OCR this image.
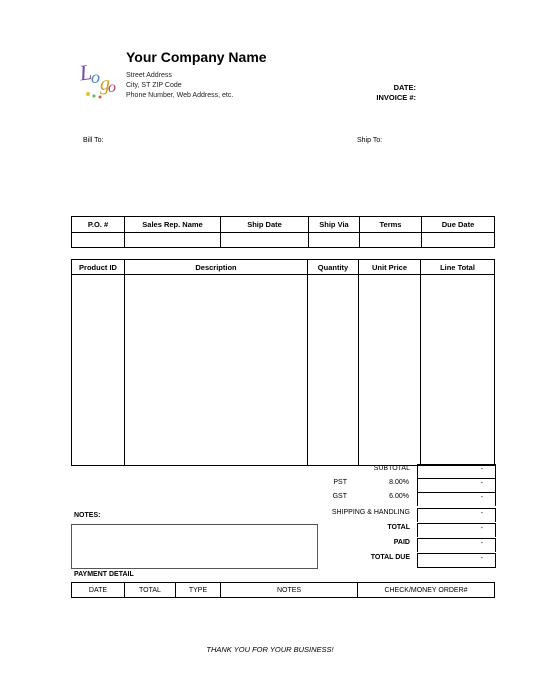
L
o g
o
Your Company Name
Street Address
City, ST ZIP Code
Phone Number, Web Address, etc.
DATE:
INVOICE #:
Bill To:	Ship To:
P.O. #	Sales Rep. Name	Ship Date	Ship Via	Terms	Due Date

Product ID	Description	Quantity	Unit Price	Line Total

SUBTOTAL	-
PST	8.00%	-
GST	6.00%	-
SHIPPING & HANDLING	-
TOTAL	-
PAID	-
TOTAL DUE	-
NOTES:
PAYMENT DETAIL
DATE	TOTAL	TYPE	NOTES	CHECK/MONEY ORDER#
THANK YOU FOR YOUR BUSINESS!
